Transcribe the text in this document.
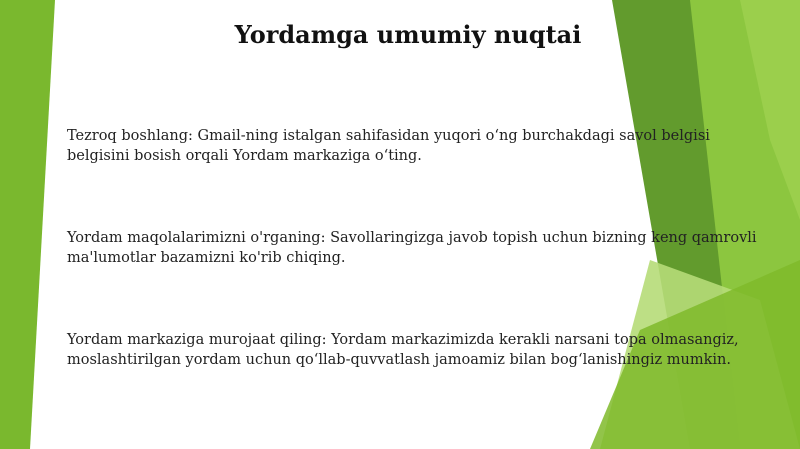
Yordamga umumiy nuqtai

Tezroq boshlang: Gmail-ning istalgan sahifasidan yuqori o‘ng burchakdagi savol belgisi belgisini bosish orqali Yordam markaziga o‘ting.

Yordam maqolalarimizni o'rganing: Savollaringizga javob topish uchun bizning keng qamrovli ma'lumotlar bazamizni ko'rib chiqing.

Yordam markaziga murojaat qiling: Yordam markazimizda kerakli narsani topa olmasangiz, moslashtirilgan yordam uchun qo‘llab-quvvatlash jamoamiz bilan bog‘lanishingiz mumkin.
